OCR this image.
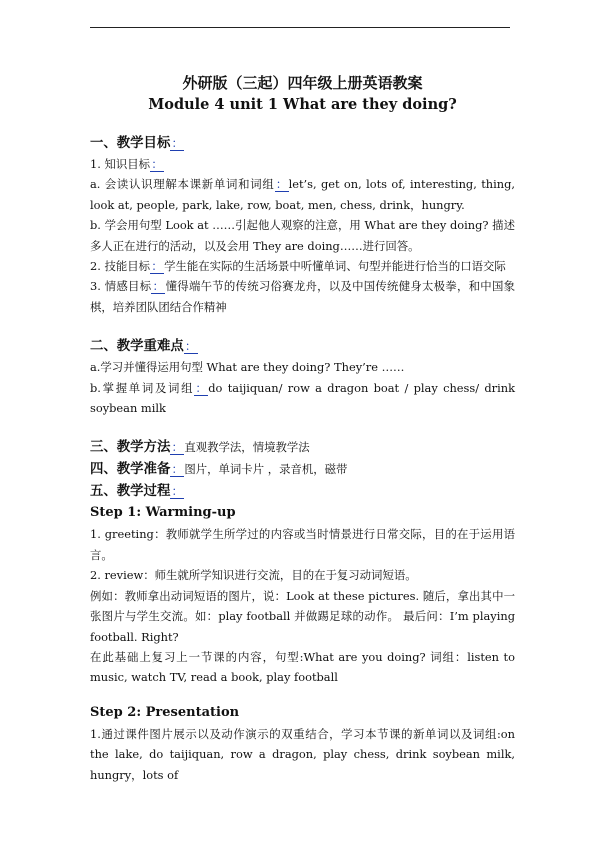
外研版（三起）四年级上册英语教案

Module 4 unit 1 What are they doing?

一、教学目标：

1. 知识目标：

a. 会读认识理解本课新单词和词组：let’s, get on, lots of, interesting, thing, look at, people, park, lake, row, boat, men, chess, drink，hungry.

b. 学会用句型 Look at ……引起他人观察的注意，用 What are they doing? 描述多人正在进行的活动，以及会用 They are doing……进行回答。

2. 技能目标：学生能在实际的生活场景中听懂单词、句型并能进行恰当的口语交际

3. 情感目标：懂得端午节的传统习俗赛龙舟，以及中国传统健身太极拳，和中国象棋，培养团队团结合作精神

二、教学重难点：

a.学习并懂得运用句型 What are they doing? They’re ……

b.掌握单词及词组：do taijiquan/ row a dragon boat / play chess/ drink soybean milk

三、教学方法：直观教学法，情境教学法

四、教学准备：图片，单词卡片 ，录音机，磁带

五、教学过程：

Step 1: Warming-up

1. greeting：教师就学生所学过的内容或当时情景进行日常交际，目的在于运用语言。

2. review：师生就所学知识进行交流，目的在于复习动词短语。

例如：教师拿出动词短语的图片，说：Look at these pictures. 随后，拿出其中一张图片与学生交流。如：play football 并做踢足球的动作。 最后问：I’m playing football. Right?

在此基础上复习上一节课的内容，句型:What are you doing? 词组：listen to music, watch TV, read a book, play football

Step 2: Presentation

1.通过课件图片展示以及动作演示的双重结合，学习本节课的新单词以及词组:on the lake, do taijiquan, row a dragon, play chess, drink soybean milk, hungry，lots of
